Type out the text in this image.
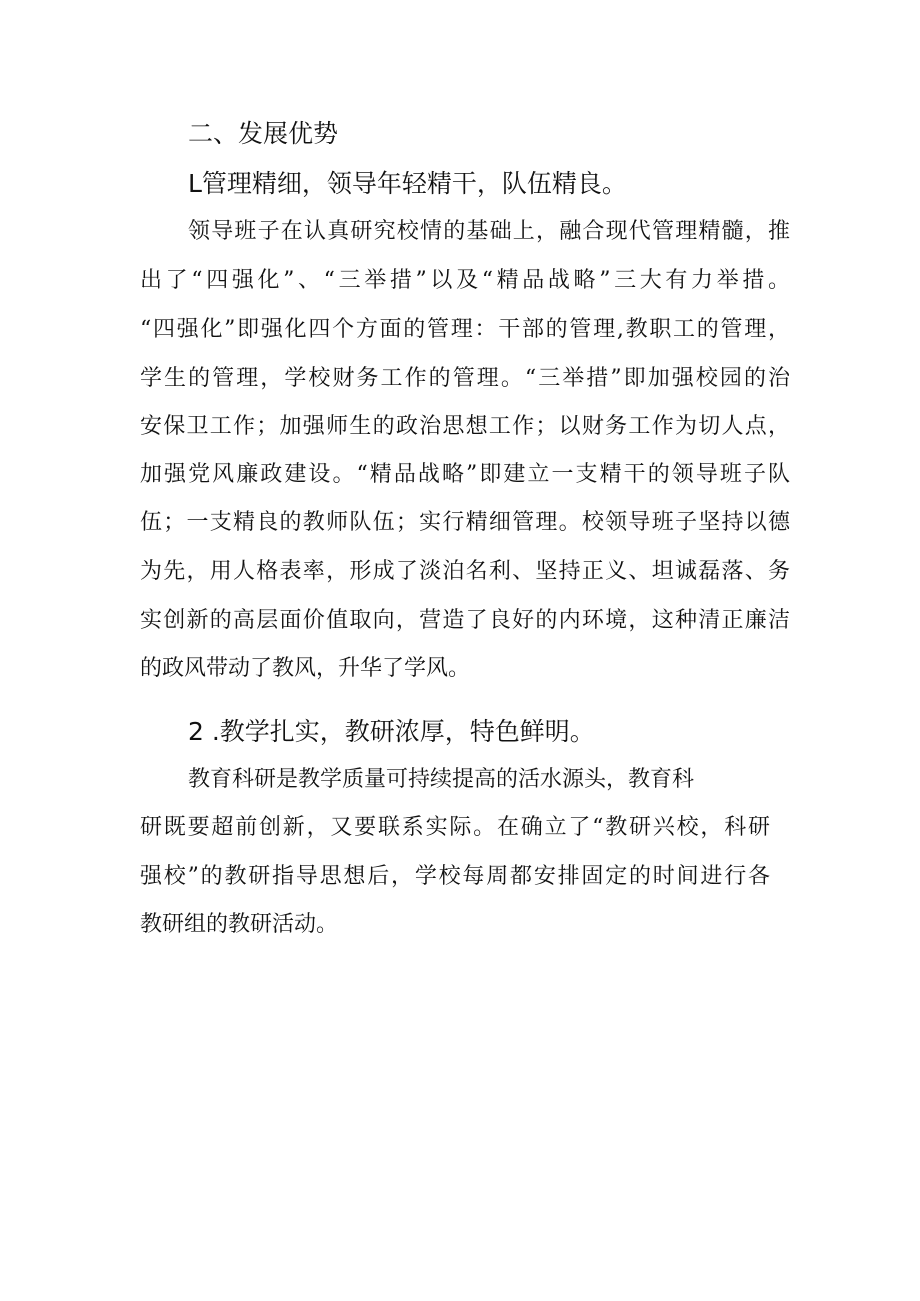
二、发展优势
L管理精细，领导年轻精干，队伍精良。

领导班子在认真研究校情的基础上，融合现代管理精髓，推

出了“四强化”、“三举措”以及“精品战略”三大有力举措。

“四强化”即强化四个方面的管理：干部的管理,教职工的管理，

学生的管理，学校财务工作的管理。“三举措”即加强校园的治

安保卫工作；加强师生的政治思想工作；以财务工作为切人点，

加强党风廉政建设。“精品战略”即建立一支精干的领导班子队

伍；一支精良的教师队伍；实行精细管理。校领导班子坚持以德

为先，用人格表率，形成了淡泊名利、坚持正义、坦诚磊落、务

实创新的高层面价值取向，营造了良好的内环境，这种清正廉洁

的政风带动了教风，升华了学风。

2 .教学扎实，教研浓厚，特色鲜明。

教育科研是教学质量可持续提高的活水源头，教育科

研既要超前创新，又要联系实际。在确立了“教研兴校，科研

强校”的教研指导思想后，学校每周都安排固定的时间进行各

教研组的教研活动。
